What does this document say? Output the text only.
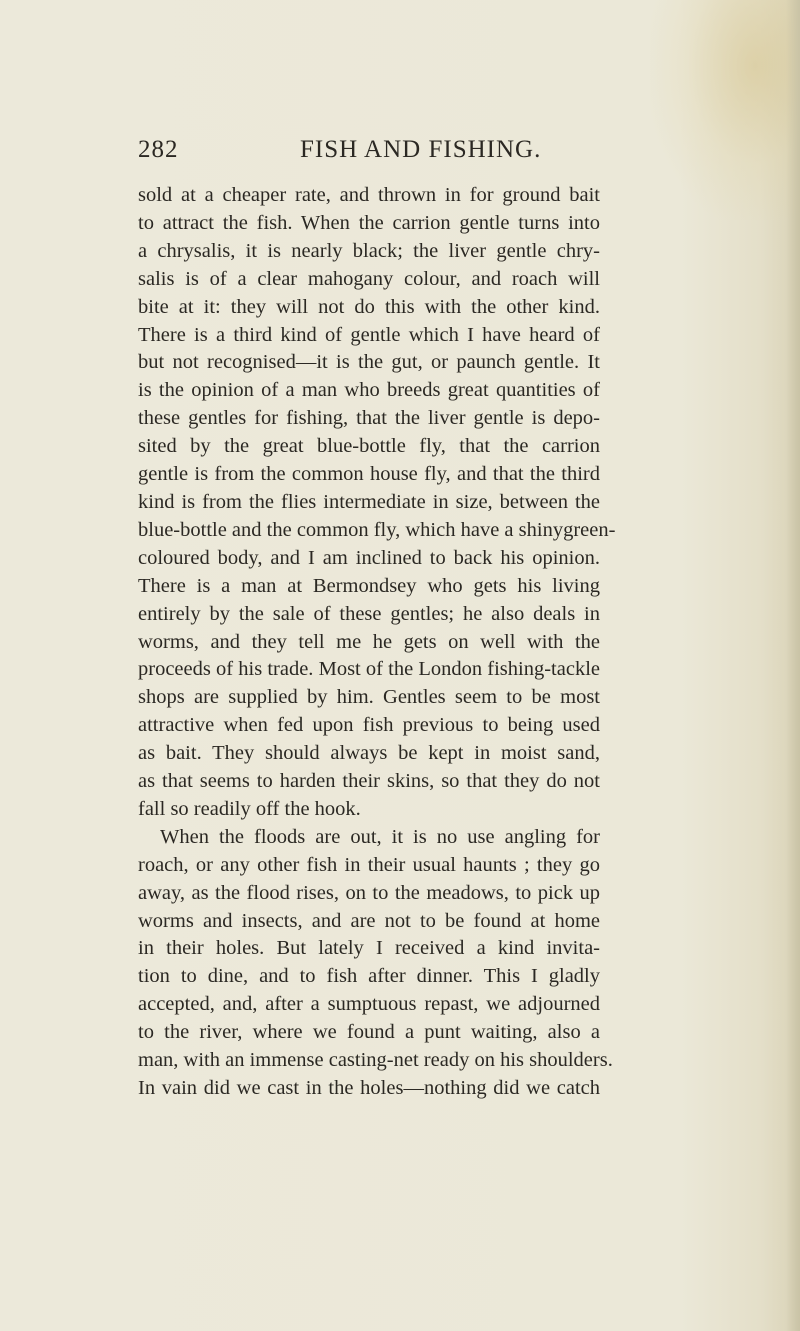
282	FISH AND FISHING.
sold at a cheaper rate, and thrown in for ground bait
to attract the fish. When the carrion gentle turns into
a chrysalis, it is nearly black; the liver gentle chry-
salis is of a clear mahogany colour, and roach will
bite at it: they will not do this with the other kind.
There is a third kind of gentle which I have heard of
but not recognised—it is the gut, or paunch gentle. It
is the opinion of a man who breeds great quantities of
these gentles for fishing, that the liver gentle is depo-
sited by the great blue-bottle fly, that the carrion
gentle is from the common house fly, and that the third
kind is from the flies intermediate in size, between the
blue-bottle and the common fly, which have a shinygreen-
coloured body, and I am inclined to back his opinion.
There is a man at Bermondsey who gets his living
entirely by the sale of these gentles; he also deals in
worms, and they tell me he gets on well with the
proceeds of his trade. Most of the London fishing-tackle
shops are supplied by him. Gentles seem to be most
attractive when fed upon fish previous to being used
as bait. They should always be kept in moist sand,
as that seems to harden their skins, so that they do not
fall so readily off the hook.
When the floods are out, it is no use angling for
roach, or any other fish in their usual haunts ; they go
away, as the flood rises, on to the meadows, to pick up
worms and insects, and are not to be found at home
in their holes. But lately I received a kind invita-
tion to dine, and to fish after dinner. This I gladly
accepted, and, after a sumptuous repast, we adjourned
to the river, where we found a punt waiting, also a
man, with an immense casting-net ready on his shoulders.
In vain did we cast in the holes—nothing did we catch
